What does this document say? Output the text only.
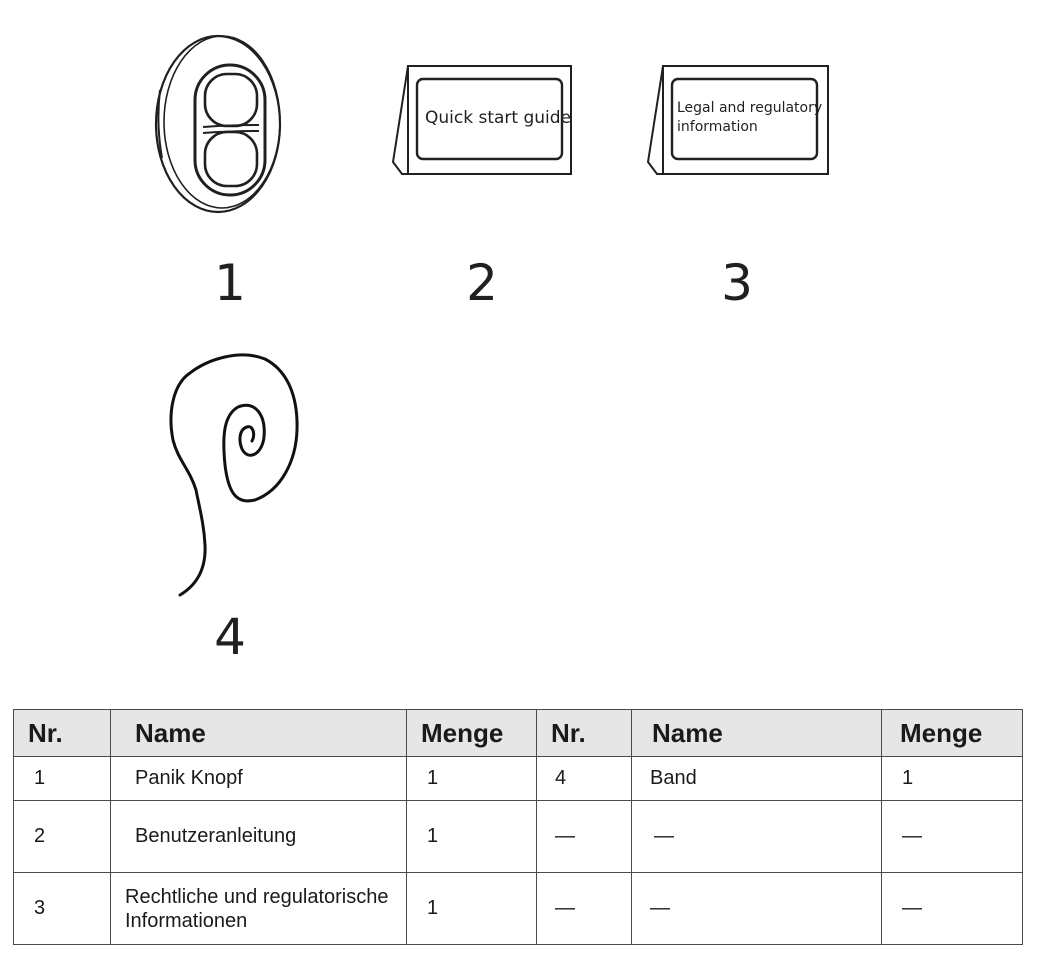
1
Quick start guide
2
Legal and regulatory
information
3
4
Nr.	Name	Menge	Nr.	Name	Menge
1	Panik Knopf	1	4	Band	1
2	Benutzeranleitung	1	—	—	—
3	Rechtliche und regulatorische Informationen	1	—	—	—
